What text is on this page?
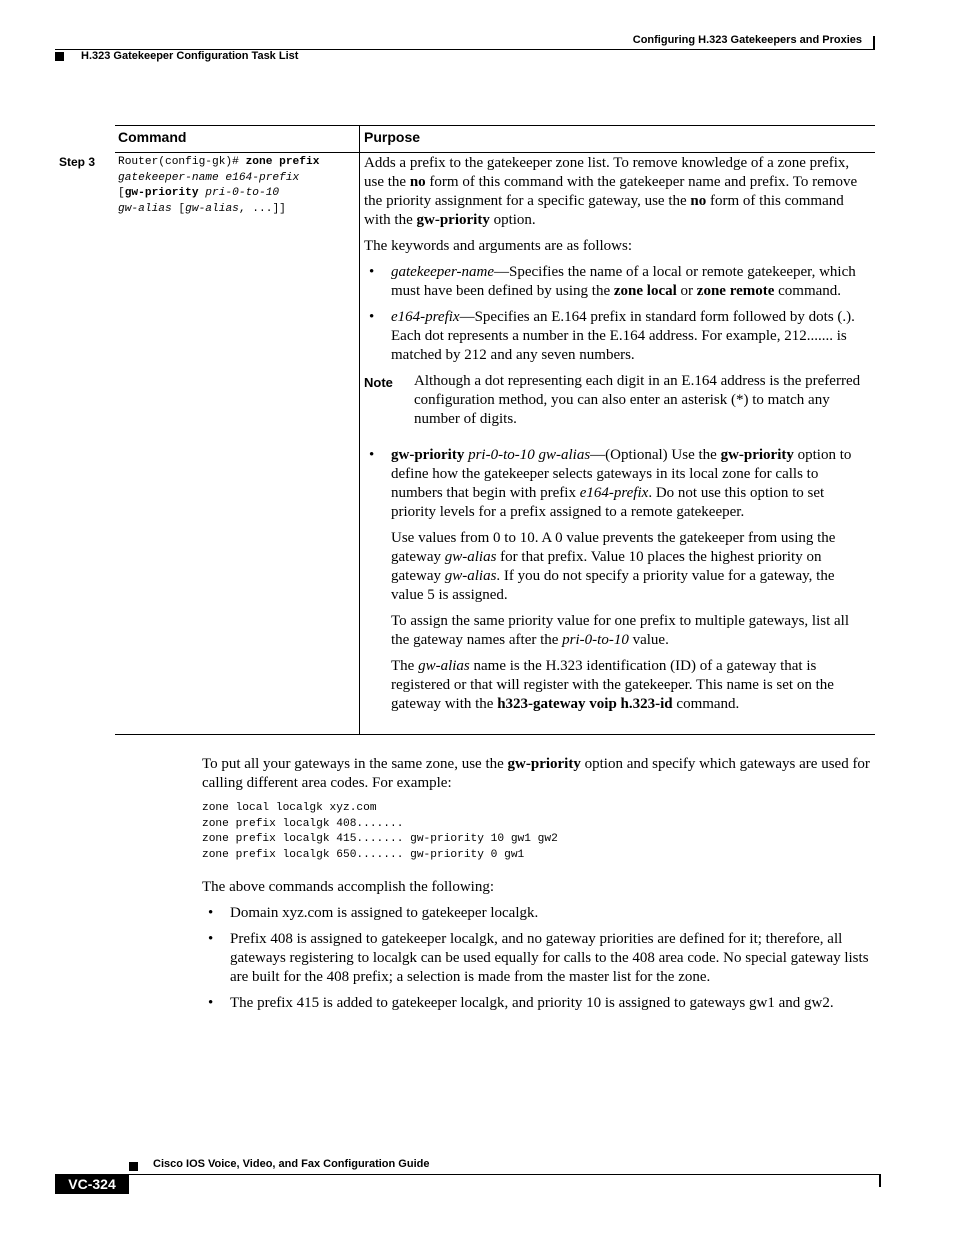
Configuring H.323 Gatekeepers and Proxies
H.323 Gatekeeper Configuration Task List
Command	Purpose
Step 3 Router(config-gk)# zone prefix
gatekeeper-name e164-prefix
[gw-priority pri-0-to-10
gw-alias [gw-alias, ...]]

Adds a prefix to the gatekeeper zone list. To remove knowledge of a zone prefix, use the no form of this command with the gatekeeper name and prefix. To remove the priority assignment for a specific gateway, use the no form of this command with the gw-priority option.

The keywords and arguments are as follows:

• gatekeeper-name—Specifies the name of a local or remote gatekeeper, which must have been defined by using the zone local or zone remote command.
• e164-prefix—Specifies an E.164 prefix in standard form followed by dots (.). Each dot represents a number in the E.164 address. For example, 212....... is matched by 212 and any seven numbers.
Note Although a dot representing each digit in an E.164 address is the preferred configuration method, you can also enter an asterisk (*) to match any number of digits.
• gw-priority pri-0-to-10 gw-alias—(Optional) Use the gw-priority option to define how the gatekeeper selects gateways in its local zone for calls to numbers that begin with prefix e164-prefix. Do not use this option to set priority levels for a prefix assigned to a remote gatekeeper.
Use values from 0 to 10. A 0 value prevents the gatekeeper from using the gateway gw-alias for that prefix. Value 10 places the highest priority on gateway gw-alias. If you do not specify a priority value for a gateway, the value 5 is assigned.
To assign the same priority value for one prefix to multiple gateways, list all the gateway names after the pri-0-to-10 value.
The gw-alias name is the H.323 identification (ID) of a gateway that is registered or that will register with the gatekeeper. This name is set on the gateway with the h323-gateway voip h.323-id command.
To put all your gateways in the same zone, use the gw-priority option and specify which gateways are used for calling different area codes. For example:
zone local localgk xyz.com
zone prefix localgk 408.......
zone prefix localgk 415....... gw-priority 10 gw1 gw2
zone prefix localgk 650....... gw-priority 0 gw1
The above commands accomplish the following:
• Domain xyz.com is assigned to gatekeeper localgk.
• Prefix 408 is assigned to gatekeeper localgk, and no gateway priorities are defined for it; therefore, all gateways registering to localgk can be used equally for calls to the 408 area code. No special gateway lists are built for the 408 prefix; a selection is made from the master list for the zone.
• The prefix 415 is added to gatekeeper localgk, and priority 10 is assigned to gateways gw1 and gw2.
Cisco IOS Voice, Video, and Fax Configuration Guide
VC-324
